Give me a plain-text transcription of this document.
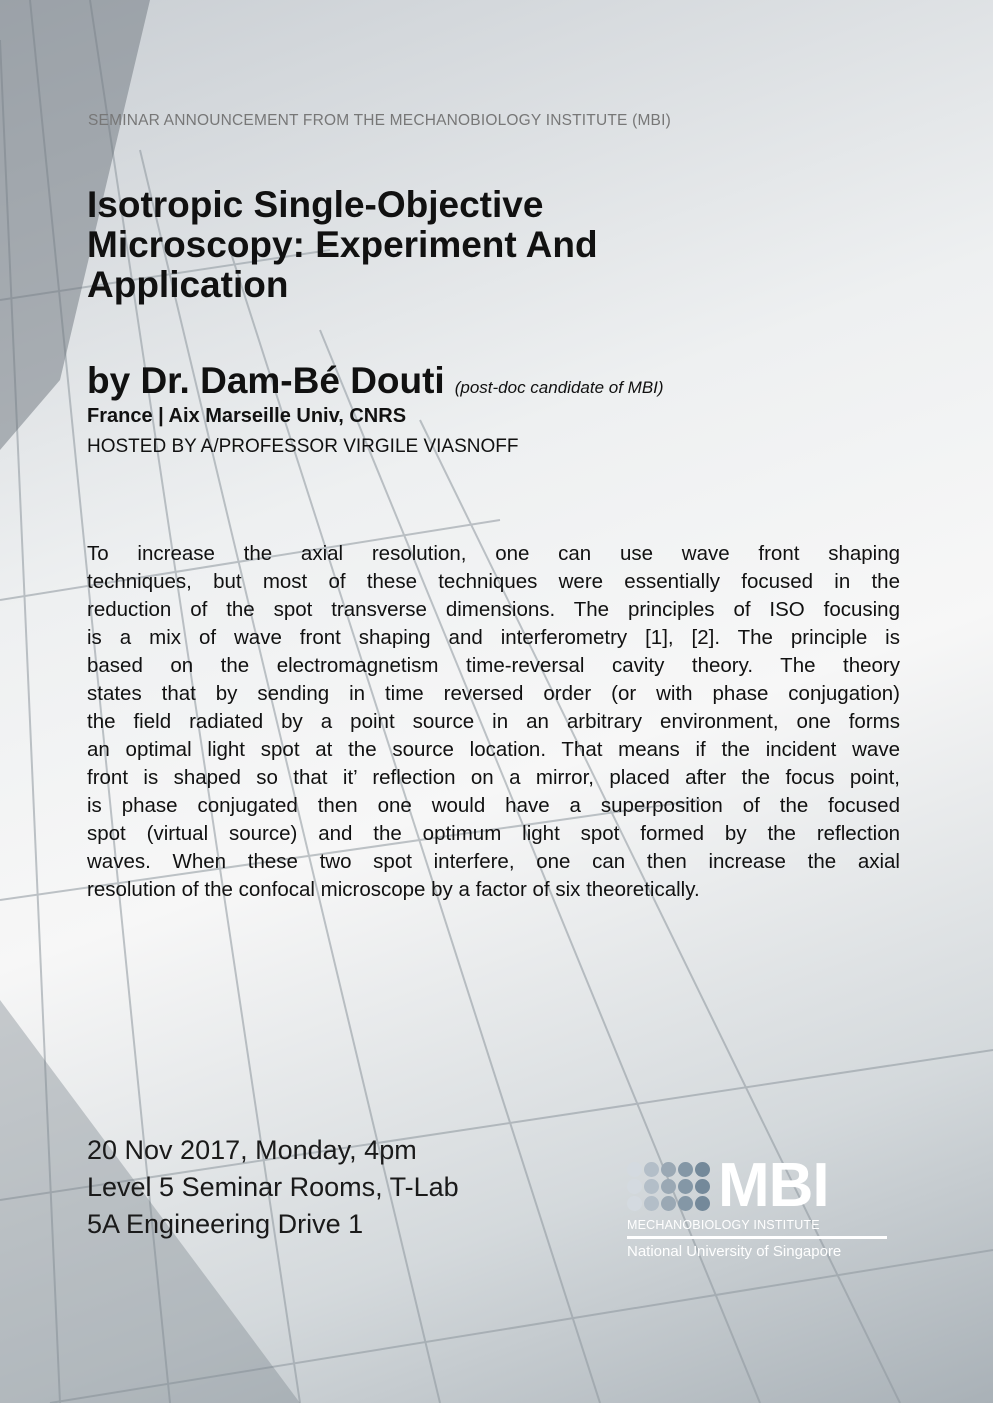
SEMINAR ANNOUNCEMENT FROM THE MECHANOBIOLOGY INSTITUTE (MBI)
Isotropic Single-Objective
Microscopy: Experiment And
Application
by Dr. Dam-Bé Douti (post-doc candidate of MBI)
France | Aix Marseille Univ, CNRS
HOSTED BY A/PROFESSOR VIRGILE VIASNOFF
To increase the axial resolution, one can use wave front shaping
techniques, but most of these techniques were essentially focused in the
reduction of the spot transverse dimensions. The principles of ISO focusing
is a mix of wave front shaping and interferometry [1], [2]. The principle is
based on the electromagnetism time-reversal cavity theory. The theory
states that by sending in time reversed order (or with phase conjugation)
the field radiated by a point source in an arbitrary environment, one forms
an optimal light spot at the source location. That means if the incident wave
front is shaped so that it’ reflection on a mirror, placed after the focus point,
is phase conjugated then one would have a superposition of the focused
spot (virtual source) and the optimum light spot formed by the reflection
waves. When these two spot interfere, one can then increase the axial
resolution of the confocal microscope by a factor of six theoretically.
20 Nov 2017, Monday, 4pm
Level 5 Seminar Rooms, T-Lab
5A Engineering Drive 1
MBI
MECHANOBIOLOGY INSTITUTE
National University of Singapore
